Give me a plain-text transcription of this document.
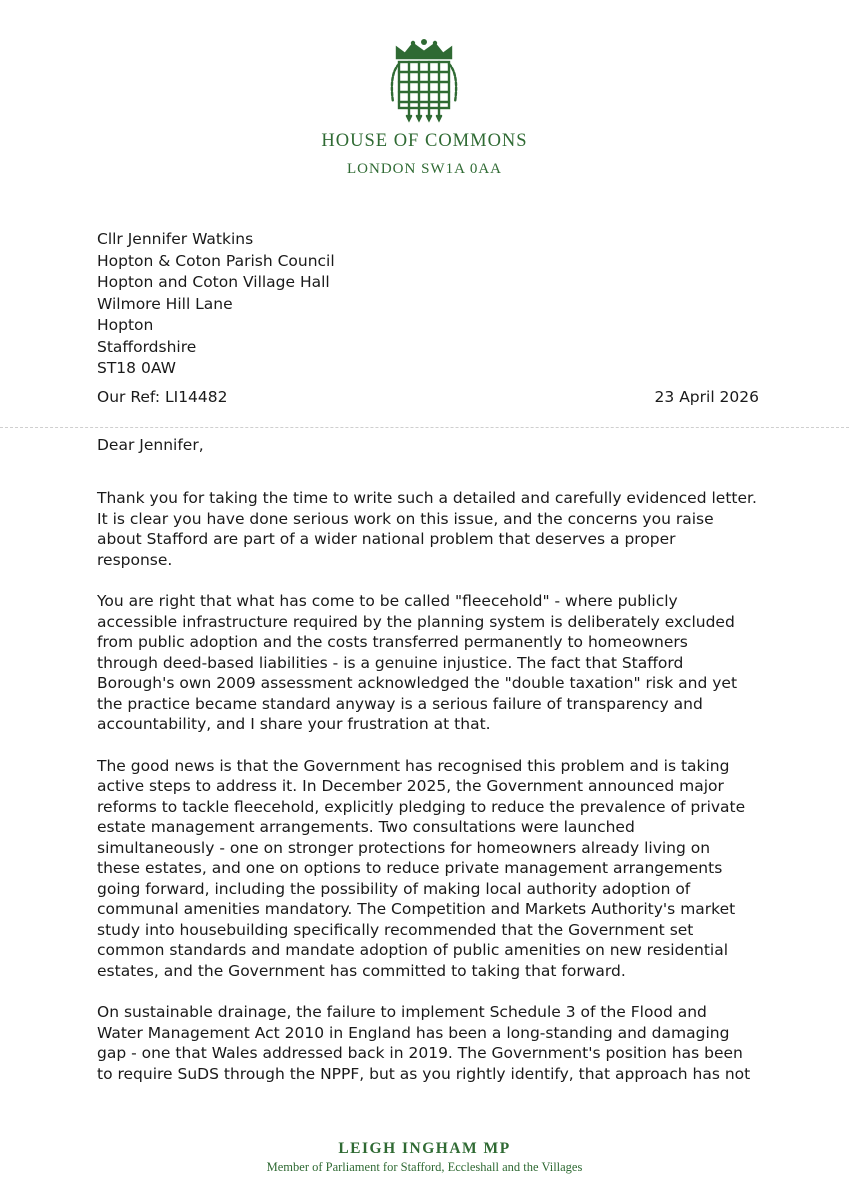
HOUSE OF COMMONS
LONDON SW1A 0AA
Cllr Jennifer Watkins
Hopton & Coton Parish Council
Hopton and Coton Village Hall
Wilmore Hill Lane
Hopton
Staffordshire
ST18 0AW
Our Ref: LI14482	23 April 2026
Dear Jennifer,

Thank you for taking the time to write such a detailed and carefully evidenced letter.
It is clear you have done serious work on this issue, and the concerns you raise
about Stafford are part of a wider national problem that deserves a proper
response.

You are right that what has come to be called "fleecehold" - where publicly
accessible infrastructure required by the planning system is deliberately excluded
from public adoption and the costs transferred permanently to homeowners
through deed-based liabilities - is a genuine injustice. The fact that Stafford
Borough's own 2009 assessment acknowledged the "double taxation" risk and yet
the practice became standard anyway is a serious failure of transparency and
accountability, and I share your frustration at that.

The good news is that the Government has recognised this problem and is taking
active steps to address it. In December 2025, the Government announced major
reforms to tackle fleecehold, explicitly pledging to reduce the prevalence of private
estate management arrangements. Two consultations were launched
simultaneously - one on stronger protections for homeowners already living on
these estates, and one on options to reduce private management arrangements
going forward, including the possibility of making local authority adoption of
communal amenities mandatory. The Competition and Markets Authority's market
study into housebuilding specifically recommended that the Government set
common standards and mandate adoption of public amenities on new residential
estates, and the Government has committed to taking that forward.

On sustainable drainage, the failure to implement Schedule 3 of the Flood and
Water Management Act 2010 in England has been a long-standing and damaging
gap - one that Wales addressed back in 2019. The Government's position has been
to require SuDS through the NPPF, but as you rightly identify, that approach has not

LEIGH INGHAM MP
Member of Parliament for Stafford, Eccleshall and the Villages
